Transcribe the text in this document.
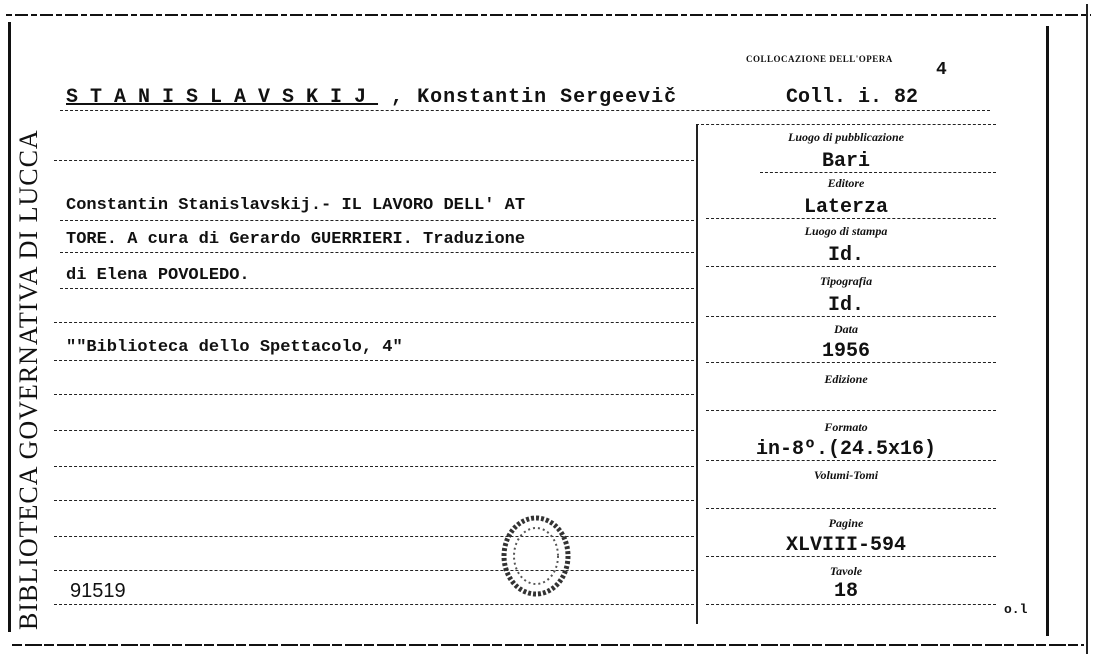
BIBLIOTECA GOVERNATIVA DI LUCCA
COLLOCAZIONE DELL'OPERA
4
STANISLAVSKIJ , Konstantin Sergeevič	Coll. i. 82
Constantin Stanislavskij.- IL LAVORO DELL' AT
TORE. A cura di Gerardo GUERRIERI. Traduzione
di Elena POVOLEDO.
""Biblioteca dello Spettacolo, 4"
91519
Luogo di pubblicazione
Bari
Editore
Laterza
Luogo di stampa
Id.
Tipografia
Id.
Data
1956
Edizione
Formato
in-8º.(24.5x16)
Volumi-Tomi
Pagine
XLVIII-594
Tavole
18
o.l
